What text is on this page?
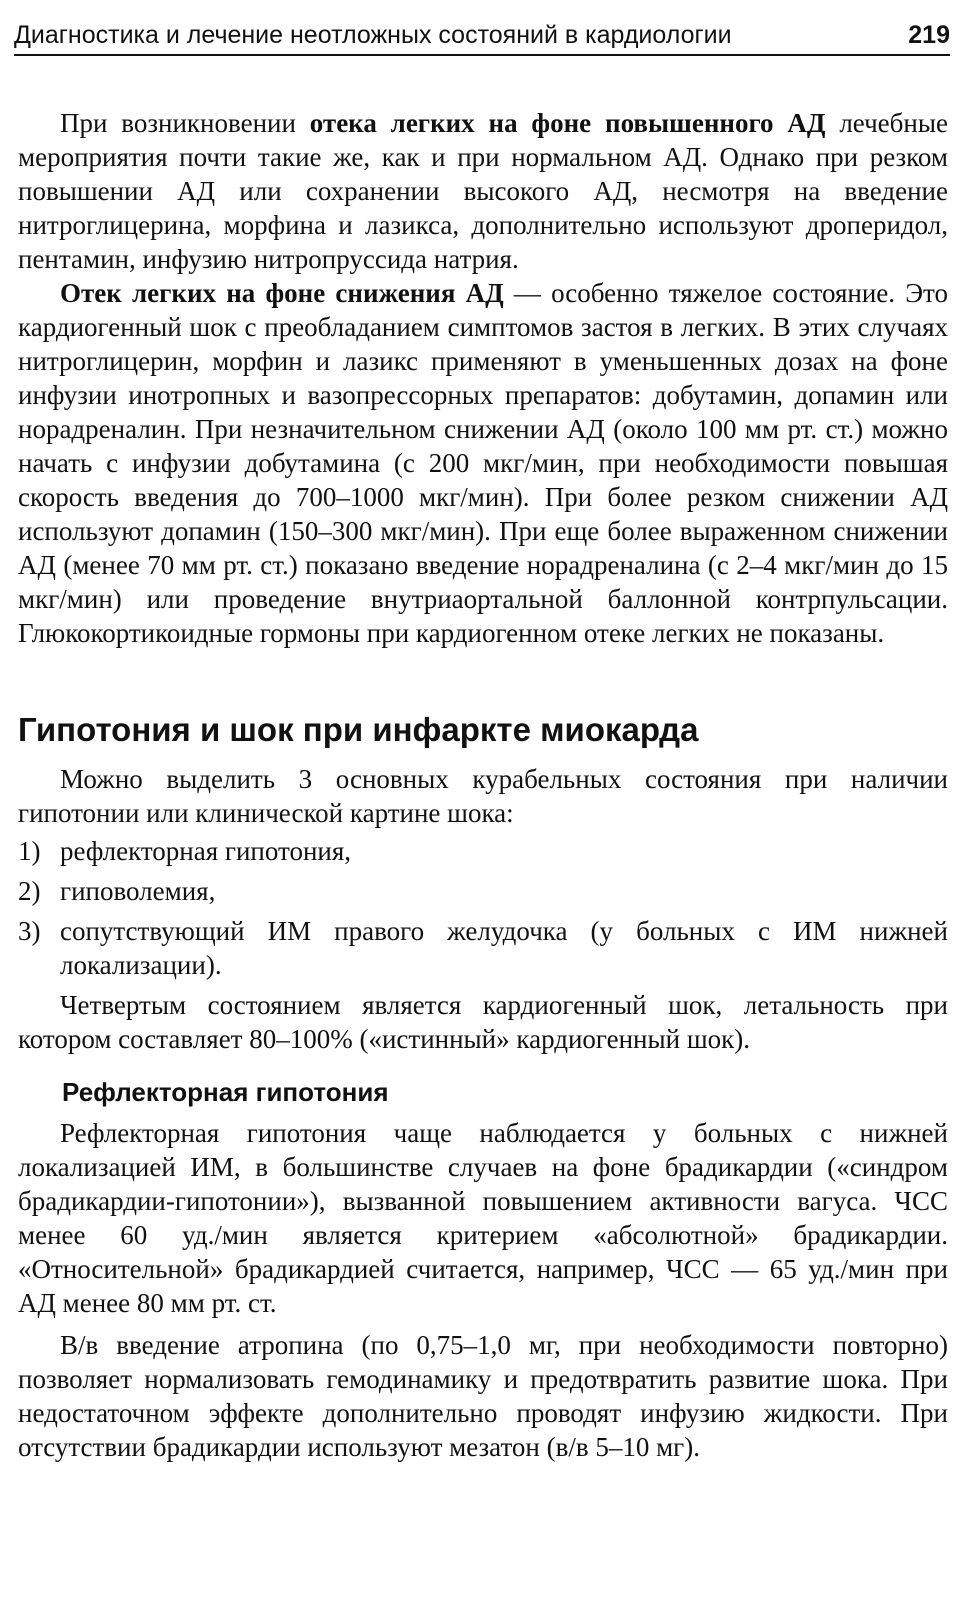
Диагностика и лечение неотложных состояний в кардиологии	219

При возникновении отека легких на фоне повышенного АД лечебные мероприятия почти такие же, как и при нормальном АД. Однако при резком повышении АД или сохранении высокого АД, несмотря на введение нитроглицерина, морфина и лазикса, дополнительно используют дроперидол, пентамин, инфузию нитропруссида натрия.

Отек легких на фоне снижения АД — особенно тяжелое состояние. Это кардиогенный шок с преобладанием симптомов застоя в легких. В этих случаях нитроглицерин, морфин и лазикс применяют в уменьшенных дозах на фоне инфузии инотропных и вазопрессорных препаратов: добутамин, допамин или норадреналин. При незначительном снижении АД (около 100 мм рт. ст.) можно начать с инфузии добутамина (с 200 мкг/мин, при необходимости повышая скорость введения до 700–1000 мкг/мин). При более резком снижении АД используют допамин (150–300 мкг/мин). При еще более выраженном снижении АД (менее 70 мм рт. ст.) показано введение норадреналина (с 2–4 мкг/мин до 15 мкг/мин) или проведение внутриаортальной баллонной контрпульсации. Глюкокортикоидные гормоны при кардиогенном отеке легких не показаны.

Гипотония и шок при инфаркте миокарда

Можно выделить 3 основных курабельных состояния при наличии гипотонии или клинической картине шока:

1) рефлекторная гипотония,
2) гиповолемия,
3) сопутствующий ИМ правого желудочка (у больных с ИМ нижней локализации).

Четвертым состоянием является кардиогенный шок, летальность при котором составляет 80–100% («истинный» кардиогенный шок).

Рефлекторная гипотония

Рефлекторная гипотония чаще наблюдается у больных с нижней локализацией ИМ, в большинстве случаев на фоне брадикардии («синдром брадикардии-гипотонии»), вызванной повышением активности вагуса. ЧСС менее 60 уд./мин является критерием «абсолютной» брадикардии. «Относительной» брадикардией считается, например, ЧСС — 65 уд./мин при АД менее 80 мм рт. ст.

В/в введение атропина (по 0,75–1,0 мг, при необходимости повторно) позволяет нормализовать гемодинамику и предотвратить развитие шока. При недостаточном эффекте дополнительно проводят инфузию жидкости. При отсутствии брадикардии используют мезатон (в/в 5–10 мг).
